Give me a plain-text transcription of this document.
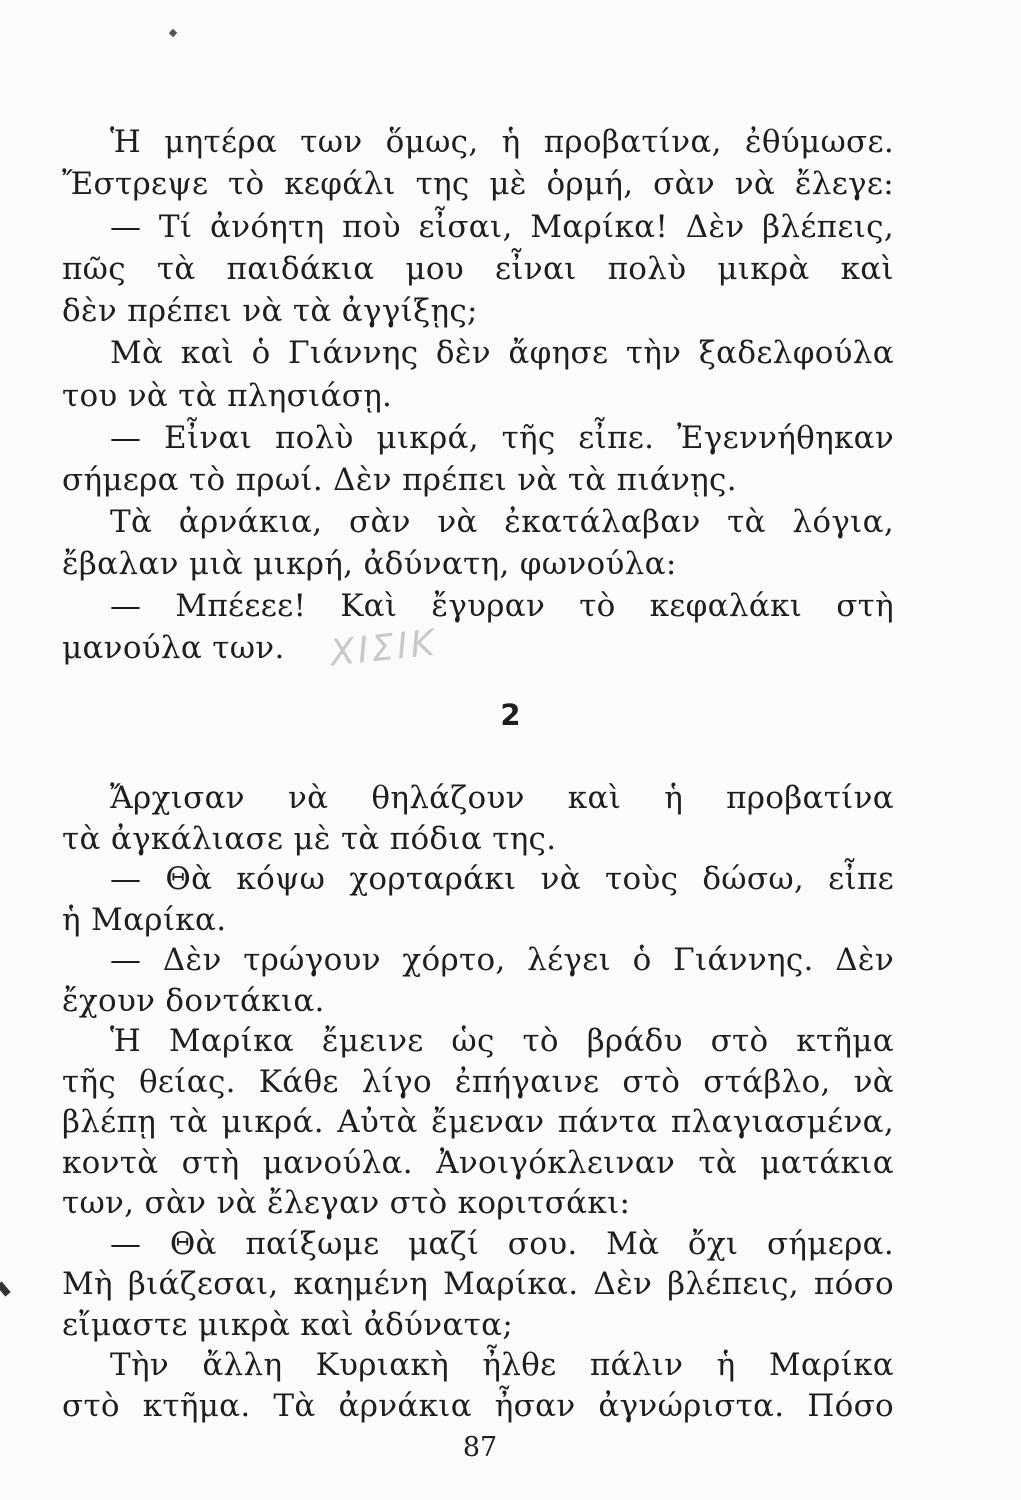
Ἡ μητέρα των ὅμως, ἡ προβατίνα, ἐθύμωσε.
Ἔστρεψε τὸ κεφάλι της μὲ ὁρμή, σὰν νὰ ἔλεγε:
— Τί ἀνόητη ποὺ εἶσαι, Μαρίκα! Δὲν βλέπεις,
πῶς τὰ παιδάκια μου εἶναι πολὺ μικρὰ καὶ
δὲν πρέπει νὰ τὰ ἀγγίξῃς;
Μὰ καὶ ὁ Γιάννης δὲν ἄφησε τὴν ξαδελφούλα
του νὰ τὰ πλησιάσῃ.
— Εἶναι πολὺ μικρά, τῆς εἶπε. Ἐγεννήθηκαν
σήμερα τὸ πρωί. Δὲν πρέπει νὰ τὰ πιάνῃς.
Τὰ ἀρνάκια, σὰν νὰ ἐκατάλαβαν τὰ λόγια,
ἔβαλαν μιὰ μικρή, ἀδύνατη, φωνούλα:
— Μπέεεε! Καὶ ἔγυραν τὸ κεφαλάκι στὴ
μανούλα των.	ΧΙΣΙΚ
2
Ἄρχισαν νὰ θηλάζουν καὶ ἡ προβατίνα
τὰ ἀγκάλιασε μὲ τὰ πόδια της.
— Θὰ κόψω χορταράκι νὰ τοὺς δώσω, εἶπε
ἡ Μαρίκα.
— Δὲν τρώγουν χόρτο, λέγει ὁ Γιάννης. Δὲν
ἔχουν δοντάκια.
Ἡ Μαρίκα ἔμεινε ὡς τὸ βράδυ στὸ κτῆμα
τῆς θείας. Κάθε λίγο ἐπήγαινε στὸ στάβλο, νὰ
βλέπῃ τὰ μικρά. Αὐτὰ ἔμεναν πάντα πλαγιασμένα,
κοντὰ στὴ μανούλα. Ἀνοιγόκλειναν τὰ ματάκια
των, σὰν νὰ ἔλεγαν στὸ κοριτσάκι:
— Θὰ παίξωμε μαζί σου. Μὰ ὄχι σήμερα.
Μὴ βιάζεσαι, καημένη Μαρίκα. Δὲν βλέπεις, πόσο
εἴμαστε μικρὰ καὶ ἀδύνατα;
Τὴν ἄλλη Κυριακὴ ἦλθε πάλιν ἡ Μαρίκα
στὸ κτῆμα. Τὰ ἀρνάκια ἦσαν ἀγνώριστα. Πόσο
87
